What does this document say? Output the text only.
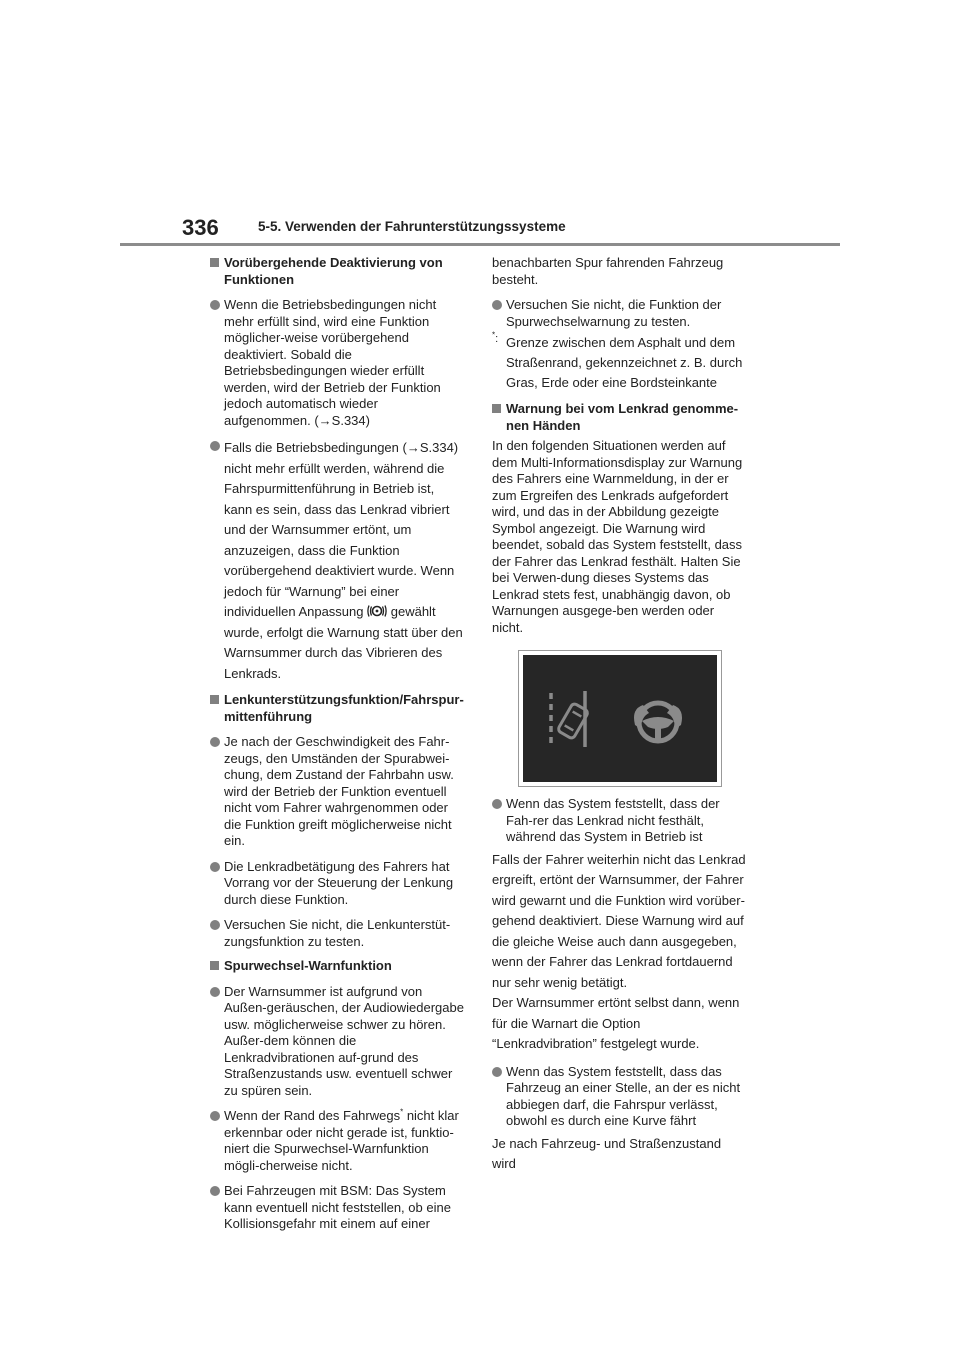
336	5-5. Verwenden der Fahrunterstützungssysteme
Vorübergehende Deaktivierung von Funktionen
Wenn die Betriebsbedingungen nicht mehr erfüllt sind, wird eine Funktion möglicher-weise vorübergehend deaktiviert. Sobald die Betriebsbedingungen wieder erfüllt werden, wird der Betrieb der Funktion jedoch automatisch wieder aufgenommen. (→S.334)
Falls die Betriebsbedingungen (→S.334) nicht mehr erfüllt werden, während die Fahrspurmittenführung in Betrieb ist, kann es sein, dass das Lenkrad vibriert und der Warnsummer ertönt, um anzuzeigen, dass die Funktion vorübergehend deaktiviert wurde. Wenn jedoch für “Warnung” bei einer individuellen Anpassung gewählt wurde, erfolgt die Warnung statt über den Warnsummer durch das Vibrieren des Lenkrads.
Lenkunterstützungsfunktion/Fahrspur-mittenführung
Je nach der Geschwindigkeit des Fahr-zeugs, den Umständen der Spurabwei-chung, dem Zustand der Fahrbahn usw. wird der Betrieb der Funktion eventuell nicht vom Fahrer wahrgenommen oder die Funktion greift möglicherweise nicht ein.
Die Lenkradbetätigung des Fahrers hat Vorrang vor der Steuerung der Lenkung durch diese Funktion.
Versuchen Sie nicht, die Lenkunterstüt-zungsfunktion zu testen.
Spurwechsel-Warnfunktion
Der Warnsummer ist aufgrund von Außen-geräuschen, der Audiowiedergabe usw. möglicherweise schwer zu hören. Außer-dem können die Lenkradvibrationen auf-grund des Straßenzustands usw. eventuell schwer zu spüren sein.
Wenn der Rand des Fahrwegs* nicht klar erkennbar oder nicht gerade ist, funktio-niert die Spurwechsel-Warnfunktion mögli-cherweise nicht.
Bei Fahrzeugen mit BSM: Das System kann eventuell nicht feststellen, ob eine Kollisionsgefahr mit einem auf einer
benachbarten Spur fahrenden Fahrzeug besteht.
Versuchen Sie nicht, die Funktion der Spurwechselwarnung zu testen.
*: Grenze zwischen dem Asphalt und dem Straßenrand, gekennzeichnet z. B. durch Gras, Erde oder eine Bordsteinkante
Warnung bei vom Lenkrad genomme-nen Händen
In den folgenden Situationen werden auf dem Multi-Informationsdisplay zur Warnung des Fahrers eine Warnmeldung, in der er zum Ergreifen des Lenkrads aufgefordert wird, und das in der Abbildung gezeigte Symbol angezeigt. Die Warnung wird beendet, sobald das System feststellt, dass der Fahrer das Lenkrad festhält. Halten Sie bei Verwen-dung dieses Systems das Lenkrad stets fest, unabhängig davon, ob Warnungen ausgege-ben werden oder nicht.
Wenn das System feststellt, dass der Fah-rer das Lenkrad nicht festhält, während das System in Betrieb ist
Falls der Fahrer weiterhin nicht das Lenkrad ergreift, ertönt der Warnsummer, der Fahrer wird gewarnt und die Funktion wird vorüber-gehend deaktiviert. Diese Warnung wird auf die gleiche Weise auch dann ausgegeben, wenn der Fahrer das Lenkrad fortdauernd nur sehr wenig betätigt.
Der Warnsummer ertönt selbst dann, wenn für die Warnart die Option “Lenkradvibration” festgelegt wurde.
Wenn das System feststellt, dass das Fahrzeug an einer Stelle, an der es nicht abbiegen darf, die Fahrspur verlässt, obwohl es durch eine Kurve fährt
Je nach Fahrzeug- und Straßenzustand wird
